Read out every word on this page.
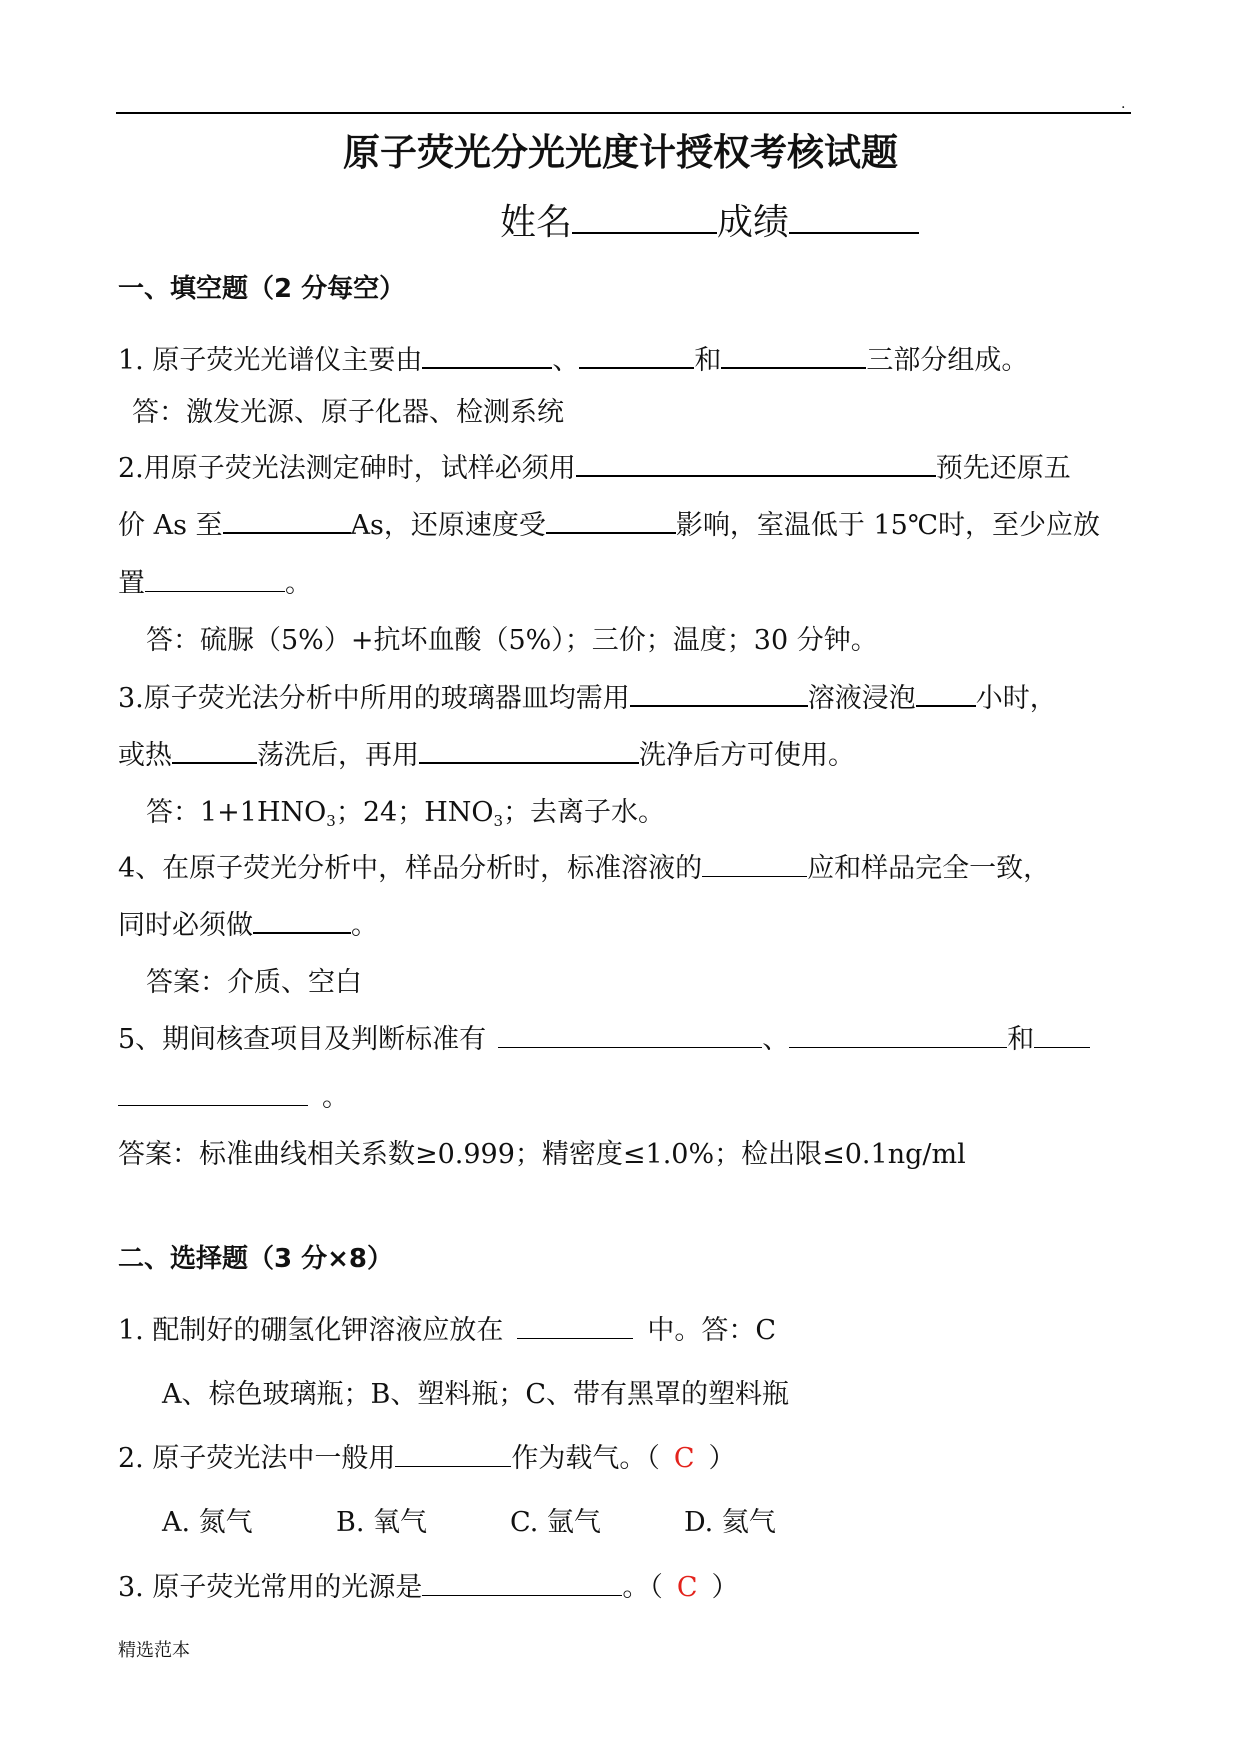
.
原子荧光分光光度计授权考核试题
姓名	成绩
一、填空题（2 分每空）
1. 原子荧光光谱仪主要由	、	和	三部分组成。
答：激发光源、原子化器、检测系统
2.用原子荧光法测定砷时，试样必须用	预先还原五
价 As 至	As，还原速度受	影响，室温低于 15℃时，至少应放
置	。
答：硫脲（5%）+抗坏血酸（5%）；三价；温度；30 分钟。
3.原子荧光法分析中所用的玻璃器皿均需用	溶液浸泡 小时，
或热	荡洗后，再用	洗净后方可使用。
答：$1+1HNO_3$；24；$HNO_3$；去离子水。
4、在原子荧光分析中，样品分析时，标准溶液的	应和样品完全一致，
同时必须做	。
答案：介质、空白
5、期间核查项目及判断标准有	、	和
。
答案：标准曲线相关系数≥0.999；精密度≤1.0%；检出限≤0.1ng/ml
二、选择题（3 分×8）
1. 配制好的硼氢化钾溶液应放在	中。答：C
A、棕色玻璃瓶；B、塑料瓶；C、带有黑罩的塑料瓶
2. 原子荧光法中一般用	作为载气。（ C ）
A. 氮气	B. 氧气	C. 氩气	D. 氦气
3. 原子荧光常用的光源是	。（ C ）
精选范本
